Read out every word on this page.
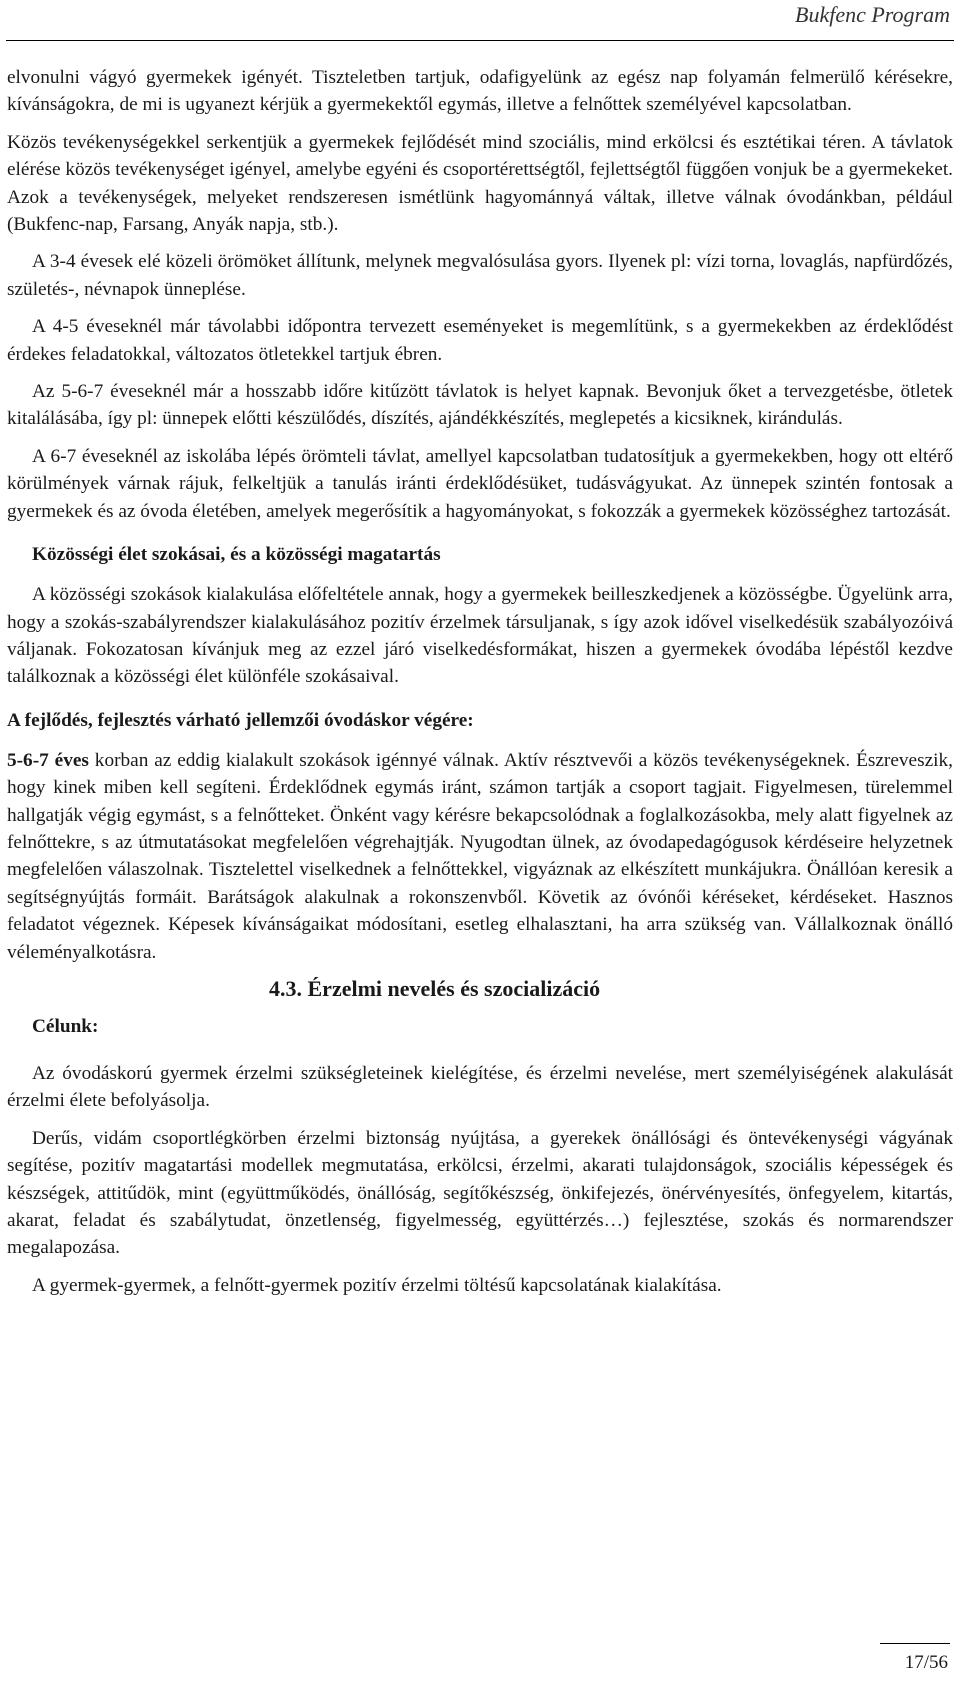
Bukfenc Program

elvonulni vágyó gyermekek igényét. Tiszteletben tartjuk, odafigyelünk az egész nap folyamán felmerülő kérésekre, kívánságokra, de mi is ugyanezt kérjük a gyermekektől egymás, illetve a felnőttek személyével kapcsolatban.

Közös tevékenységekkel serkentjük a gyermekek fejlődését mind szociális, mind erkölcsi és esztétikai téren. A távlatok elérése közös tevékenységet igényel, amelybe egyéni és csoportérettségtől, fejlettségtől függően vonjuk be a gyermekeket. Azok a tevékenységek, melyeket rendszeresen ismétlünk hagyománnyá váltak, illetve válnak óvodánkban, például (Bukfenc-nap, Farsang, Anyák napja, stb.).

A 3-4 évesek elé közeli örömöket állítunk, melynek megvalósulása gyors. Ilyenek pl: vízi torna, lovaglás, napfürdőzés, születés-, névnapok ünneplése.

A 4-5 éveseknél már távolabbi időpontra tervezett eseményeket is megemlítünk, s a gyermekekben az érdeklődést érdekes feladatokkal, változatos ötletekkel tartjuk ébren.

Az 5-6-7 éveseknél már a hosszabb időre kitűzött távlatok is helyet kapnak. Bevonjuk őket a tervezgetésbe, ötletek kitalálásába, így pl: ünnepek előtti készülődés, díszítés, ajándékkészítés, meglepetés a kicsiknek, kirándulás.

A 6-7 éveseknél az iskolába lépés örömteli távlat, amellyel kapcsolatban tudatosítjuk a gyermekekben, hogy ott eltérő körülmények várnak rájuk, felkeltjük a tanulás iránti érdeklődésüket, tudásvágyukat. Az ünnepek szintén fontosak a gyermekek és az óvoda életében, amelyek megerősítik a hagyományokat, s fokozzák a gyermekek közösséghez tartozását.

Közösségi élet szokásai, és a közösségi magatartás

A közösségi szokások kialakulása előfeltétele annak, hogy a gyermekek beilleszkedjenek a közösségbe. Ügyelünk arra, hogy a szokás-szabályrendszer kialakulásához pozitív érzelmek társuljanak, s így azok idővel viselkedésük szabályozóivá váljanak. Fokozatosan kívánjuk meg az ezzel járó viselkedésformákat, hiszen a gyermekek óvodába lépéstől kezdve találkoznak a közösségi élet különféle szokásaival.

A fejlődés, fejlesztés várható jellemzői óvodáskor végére:

5-6-7 éves korban az eddig kialakult szokások igénnyé válnak. Aktív résztvevői a közös tevékenységeknek. Észreveszik, hogy kinek miben kell segíteni. Érdeklődnek egymás iránt, számon tartják a csoport tagjait. Figyelmesen, türelemmel hallgatják végig egymást, s a felnőtteket. Önként vagy kérésre bekapcsolódnak a foglalkozásokba, mely alatt figyelnek az felnőttekre, s az útmutatásokat megfelelően végrehajtják. Nyugodtan ülnek, az óvodapedagógusok kérdéseire helyzetnek megfelelően válaszolnak. Tisztelettel viselkednek a felnőttekkel, vigyáznak az elkészített munkájukra. Önállóan keresik a segítségnyújtás formáit. Barátságok alakulnak a rokonszenvből. Követik az óvónői kéréseket, kérdéseket. Hasznos feladatot végeznek. Képesek kívánságaikat módosítani, esetleg elhalasztani, ha arra szükség van. Vállalkoznak önálló véleményalkotásra.

4.3. Érzelmi nevelés és szocializáció
Célunk:

Az óvodáskorú gyermek érzelmi szükségleteinek kielégítése, és érzelmi nevelése, mert személyiségének alakulását érzelmi élete befolyásolja.

Derűs, vidám csoportlégkörben érzelmi biztonság nyújtása, a gyerekek önállósági és öntevékenységi vágyának segítése, pozitív magatartási modellek megmutatása, erkölcsi, érzelmi, akarati tulajdonságok, szociális képességek és készségek, attitűdök, mint (együttműködés, önállóság, segítőkészség, önkifejezés, önérvényesítés, önfegyelem, kitartás, akarat, feladat és szabálytudat, önzetlenség, figyelmesség, együttérzés…) fejlesztése, szokás és normarendszer megalapozása.

A gyermek-gyermek, a felnőtt-gyermek pozitív érzelmi töltésű kapcsolatának kialakítása.

17/56
